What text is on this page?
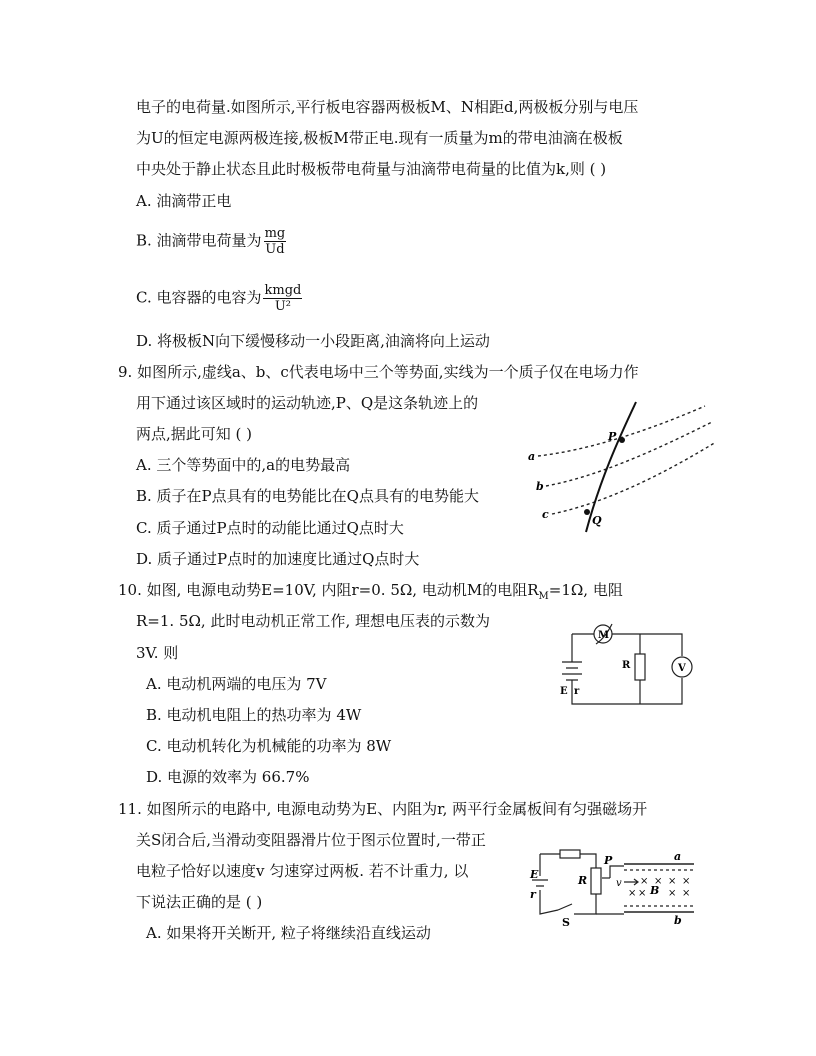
电子的电荷量.如图所示,平行板电容器两极板M、N相距d,两极板分别与电压
为U的恒定电源两极连接,极板M带正电.现有一质量为m的带电油滴在极板
中央处于静止状态且此时极板带电荷量与油滴带电荷量的比值为k,则 ( )
A. 油滴带正电
B. 油滴带电荷量为 $\frac{mg}{Ud}$
C. 电容器的电容为 $\frac{\text{kmgd}}{\text{U²}}$
D. 将极板N向下缓慢移动一小段距离,油滴将向上运动
9. 如图所示,虚线a、b、c代表电场中三个等势面,实线为一个质子仅在电场力作
用下通过该区域时的运动轨迹,P、Q是这条轨迹上的
两点,据此可知 ( )
A. 三个等势面中的,a的电势最高
B. 质子在P点具有的电势能比在Q点具有的电势能大
C. 质子通过P点时的动能比通过Q点时大
D. 质子通过P点时的加速度比通过Q点时大
a
b
c
P
Q
10. 如图, 电源电动势E=10V, 内阻r=0. 5Ω, 电动机M的电阻$R_M=1\Omega$, 电阻
R=1. 5Ω, 此时电动机正常工作, 理想电压表的示数为
3V. 则
A. 电动机两端的电压为 7V
B. 电动机电阻上的热功率为 4W
C. 电动机转化为机械能的功率为 8W
D. 电源的效率为 66.7%
M
R	V
E r
11. 如图所示的电路中, 电源电动势为E、内阻为r, 两平行金属板间有匀强磁场开
关S闭合后,当滑动变阻器滑片位于图示位置时,一带正
电粒子恰好以速度v 匀速穿过两板. 若不计重力, 以
下说法正确的是 ( )
A. 如果将开关断开, 粒子将继续沿直线运动
E
r
R
P
v
B
a
b
S
× × × ×
× × × ×
